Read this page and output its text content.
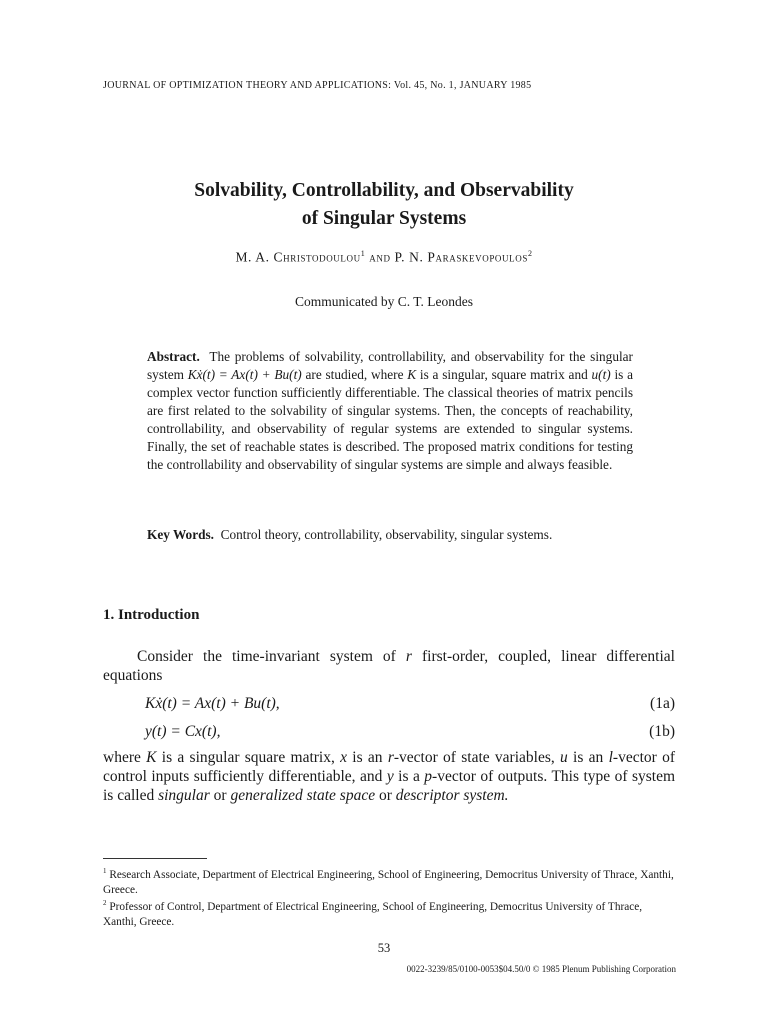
JOURNAL OF OPTIMIZATION THEORY AND APPLICATIONS: Vol. 45, No. 1, JANUARY 1985
Solvability, Controllability, and Observability
of Singular Systems
M. A. Christodoulou$^1$ and P. N. Paraskevopoulos$^2$
Communicated by C. T. Leondes
Abstract. The problems of solvability, controllability, and observability for the singular system Kẋ(t) = Ax(t) + Bu(t) are studied, where K is a singular, square matrix and u(t) is a complex vector function sufficiently differentiable. The classical theories of matrix pencils are first related to the solvability of singular systems. Then, the concepts of reachability, controllability, and observability of regular systems are extended to singular systems. Finally, the set of reachable states is described. The proposed matrix conditions for testing the controllability and observability of singular systems are simple and always feasible.
Key Words. Control theory, controllability, observability, singular systems.
1. Introduction
Consider the time-invariant system of r first-order, coupled, linear differential equations
Kẋ(t) = Ax(t) + Bu(t),	(1a)
y(t) = Cx(t),	(1b)
where K is a singular square matrix, x is an r-vector of state variables, u is an l-vector of control inputs sufficiently differentiable, and y is a p-vector of outputs. This type of system is called singular or generalized state space or descriptor system.
$^1$ Research Associate, Department of Electrical Engineering, School of Engineering, Democritus University of Thrace, Xanthi, Greece.
$^2$ Professor of Control, Department of Electrical Engineering, School of Engineering, Democritus University of Thrace, Xanthi, Greece.
53
0022-3239/85/0100-0053$04.50/0 © 1985 Plenum Publishing Corporation
